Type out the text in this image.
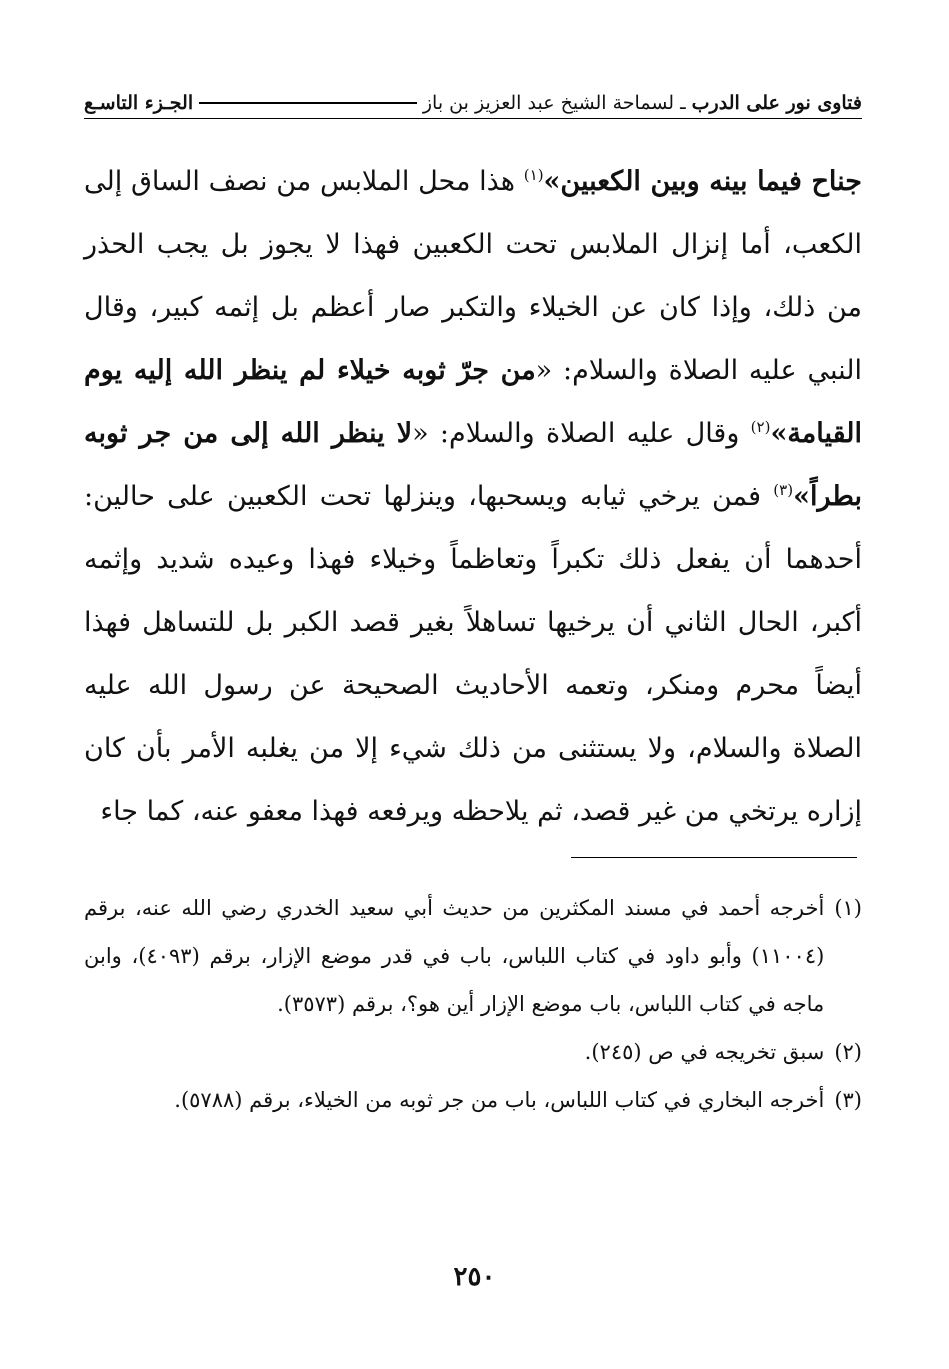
فتاوى نور على الدرب
ـ
لسماحة الشيخ عبد العزيز بن باز
الجـزء التاسـع
جناح فيما بينه وبين الكعبين»$^{(١)}$ هذا محل الملابس من نصف الساق إلى الكعب، أما إنزال الملابس تحت الكعبين فهذا لا يجوز بل يجب الحذر من ذلك، وإذا كان عن الخيلاء والتكبر صار أعظم بل إثمه كبير، وقال النبي عليه الصلاة والسلام: «من جرّ ثوبه خيلاء لم ينظر الله إليه يوم القيامة»$^{(٢)}$ وقال عليه الصلاة والسلام: «لا ينظر الله إلى من جر ثوبه بطراً»$^{(٣)}$ فمن يرخي ثيابه ويسحبها، وينزلها تحت الكعبين على حالين: أحدهما أن يفعل ذلك تكبراً وتعاظماً وخيلاء فهذا وعيده شديد وإثمه أكبر، الحال الثاني أن يرخيها تساهلاً بغير قصد الكبر بل للتساهل فهذا أيضاً محرم ومنكر، وتعمه الأحاديث الصحيحة عن رسول الله عليه الصلاة والسلام، ولا يستثنى من ذلك شيء إلا من يغلبه الأمر بأن كان إزاره يرتخي من غير قصد، ثم يلاحظه ويرفعه فهذا معفو عنه، كما جاء
(١)
أخرجه أحمد في مسند المكثرين من حديث أبي سعيد الخدري رضي الله عنه، برقم (١١٠٠٤) وأبو داود في كتاب اللباس، باب في قدر موضع الإزار، برقم (٤٠٩٣)، وابن ماجه في كتاب اللباس، باب موضع الإزار أين هو؟، برقم (٣٥٧٣).
(٢)
سبق تخريجه في ص (٢٤٥).
(٣)
أخرجه البخاري في كتاب اللباس، باب من جر ثوبه من الخيلاء، برقم (٥٧٨٨).
٢٥٠
